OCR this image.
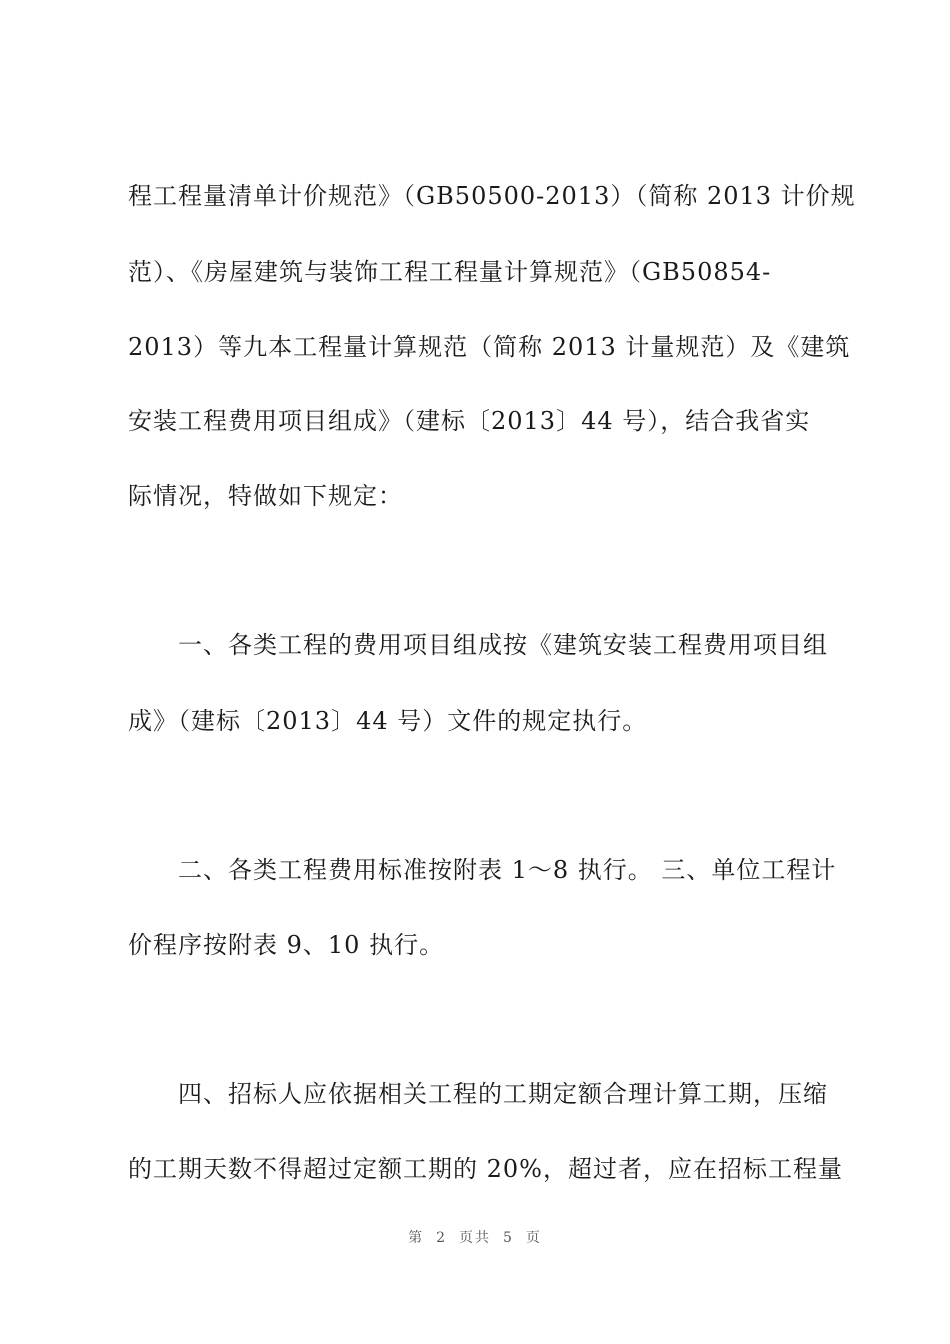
程工程量清单计价规范》（GB50500-2013）（简称 2013 计价规
范）、《房屋建筑与装饰工程工程量计算规范》（GB50854-
2013）等九本工程量计算规范（简称 2013 计量规范）及《建筑
安装工程费用项目组成》（建标〔2013〕44 号），结合我省实
际情况，特做如下规定：
一、各类工程的费用项目组成按《建筑安装工程费用项目组
成》（建标〔2013〕44 号）文件的规定执行。
二、各类工程费用标准按附表 1～8 执行。 三、单位工程计
价程序按附表 9、10 执行。
四、招标人应依据相关工程的工期定额合理计算工期，压缩
的工期天数不得超过定额工期的 20%，超过者，应在招标工程量
第 2 页共 5 页
